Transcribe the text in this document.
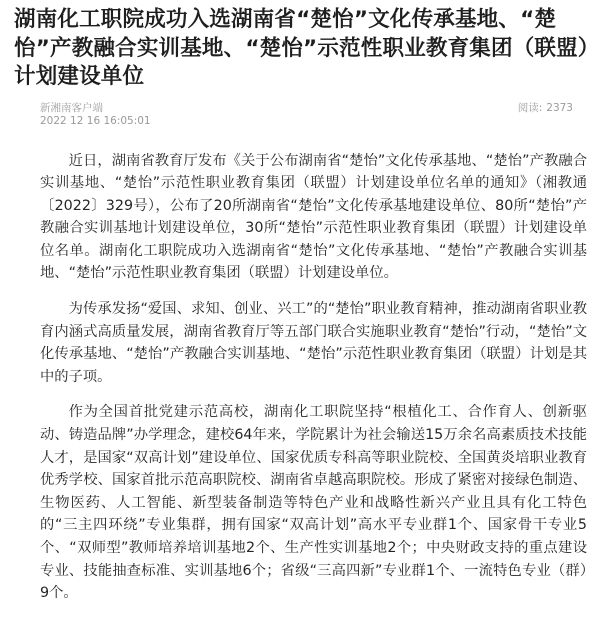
湖南化工职院成功入选湖南省“楚怡”文化传承基地、“楚怡”产教融合实训基地、“楚怡”示范性职业教育集团（联盟）计划建设单位
新湘南客户端
2022 12 16 16:05:01
阅读: 2373

近日，湖南省教育厅发布《关于公布湖南省“楚怡”文化传承基地、“楚怡”产教融合实训基地、“楚怡”示范性职业教育集团（联盟）计划建设单位名单的通知》（湘教通〔2022〕329号），公布了20所湖南省“楚怡”文化传承基地建设单位、80所“楚怡”产教融合实训基地计划建设单位，30所“楚怡”示范性职业教育集团（联盟）计划建设单位名单。湖南化工职院成功入选湖南省“楚怡”文化传承基地、“楚怡”产教融合实训基地、“楚怡”示范性职业教育集团（联盟）计划建设单位。

为传承发扬“爱国、求知、创业、兴工”的“楚怡”职业教育精神，推动湖南省职业教育内涵式高质量发展，湖南省教育厅等五部门联合实施职业教育“楚怡”行动，“楚怡”文化传承基地、“楚怡”产教融合实训基地、“楚怡”示范性职业教育集团（联盟）计划是其中的子项。

作为全国首批党建示范高校，湖南化工职院坚持“根植化工、合作育人、创新驱动、铸造品牌”办学理念，建校64年来，学院累计为社会输送15万余名高素质技术技能人才，是国家“双高计划”建设单位、国家优质专科高等职业院校、全国黄炎培职业教育优秀学校、国家首批示范高职院校、湖南省卓越高职院校。形成了紧密对接绿色制造、生物医药、人工智能、新型装备制造等特色产业和战略性新兴产业且具有化工特色的“三主四环绕”专业集群，拥有国家“双高计划”高水平专业群1个、国家骨干专业5个、“双师型”教师培养培训基地2个、生产性实训基地2个；中央财政支持的重点建设专业、技能抽查标准、实训基地6个；省级“三高四新”专业群1个、一流特色专业（群）9个。
